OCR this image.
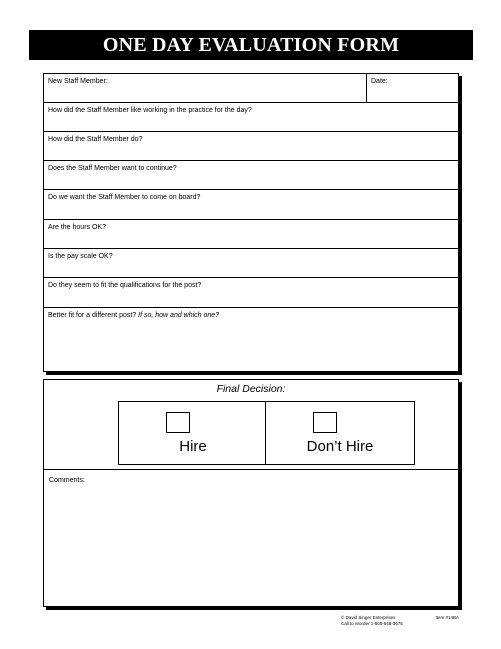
ONE DAY EVALUATION FORM
New Staff Member:	Date:
How did the Staff Member like working in the practice for the day?
How did the Staff Member do?
Does the Staff Member want to continue?
Do we want the Staff Member to come on board?
Are the hours OK?
Is the pay scale OK?
Do they seem to fit the qualifications for the post?
Better fit for a different post? If so, how and which one?
Final Decision:
Hire	Don’t Hire
Comments:
© David Singer Enterprises
Call to reorder 1-800-548-3676
Item #14BA
